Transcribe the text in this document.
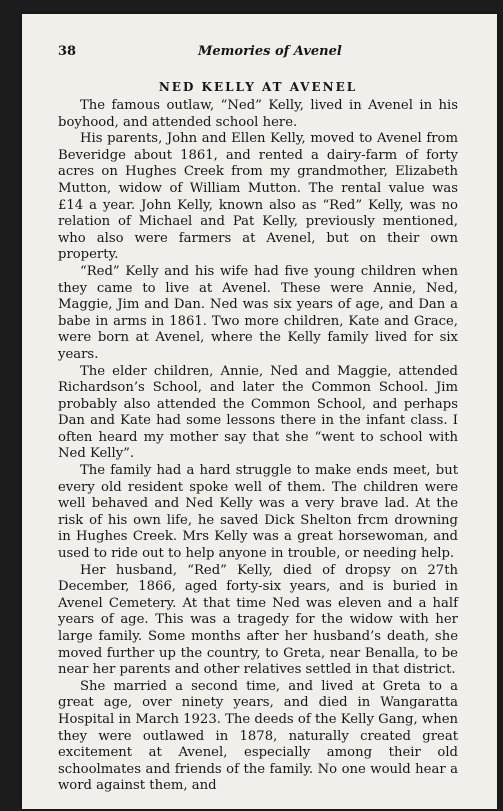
38	Memories of Avenel
NED KELLY AT AVENEL

The famous outlaw, “Ned” Kelly, lived in Avenel in his boyhood, and attended school here.

His parents, John and Ellen Kelly, moved to Avenel from Beveridge about 1861, and rented a dairy-farm of forty acres on Hughes Creek from my grandmother, Elizabeth Mutton, widow of William Mutton. The rental value was £14 a year. John Kelly, known also as “Red” Kelly, was no relation of Michael and Pat Kelly, previously mentioned, who also were farmers at Avenel, but on their own property.

“Red” Kelly and his wife had five young children when they came to live at Avenel. These were Annie, Ned, Maggie, Jim and Dan. Ned was six years of age, and Dan a babe in arms in 1861. Two more children, Kate and Grace, were born at Avenel, where the Kelly family lived for six years.

The elder children, Annie, Ned and Maggie, attended Richardson’s School, and later the Common School. Jim probably also attended the Common School, and perhaps Dan and Kate had some lessons there in the infant class. I often heard my mother say that she “went to school with Ned Kelly”.

The family had a hard struggle to make ends meet, but every old resident spoke well of them. The children were well behaved and Ned Kelly was a very brave lad. At the risk of his own life, he saved Dick Shelton frcm drowning in Hughes Creek. Mrs Kelly was a great horsewoman, and used to ride out to help anyone in trouble, or needing help.

Her husband, “Red” Kelly, died of dropsy on 27th December, 1866, aged forty-six years, and is buried in Avenel Cemetery. At that time Ned was eleven and a half years of age. This was a tragedy for the widow with her large family. Some months after her husband’s death, she moved further up the country, to Greta, near Benalla, to be near her parents and other relatives settled in that district.

She married a second time, and lived at Greta to a great age, over ninety years, and died in Wangaratta Hospital in March 1923. The deeds of the Kelly Gang, when they were outlawed in 1878, naturally created great excitement at Avenel, especially among their old schoolmates and friends of the family. No one would hear a word against them, and
